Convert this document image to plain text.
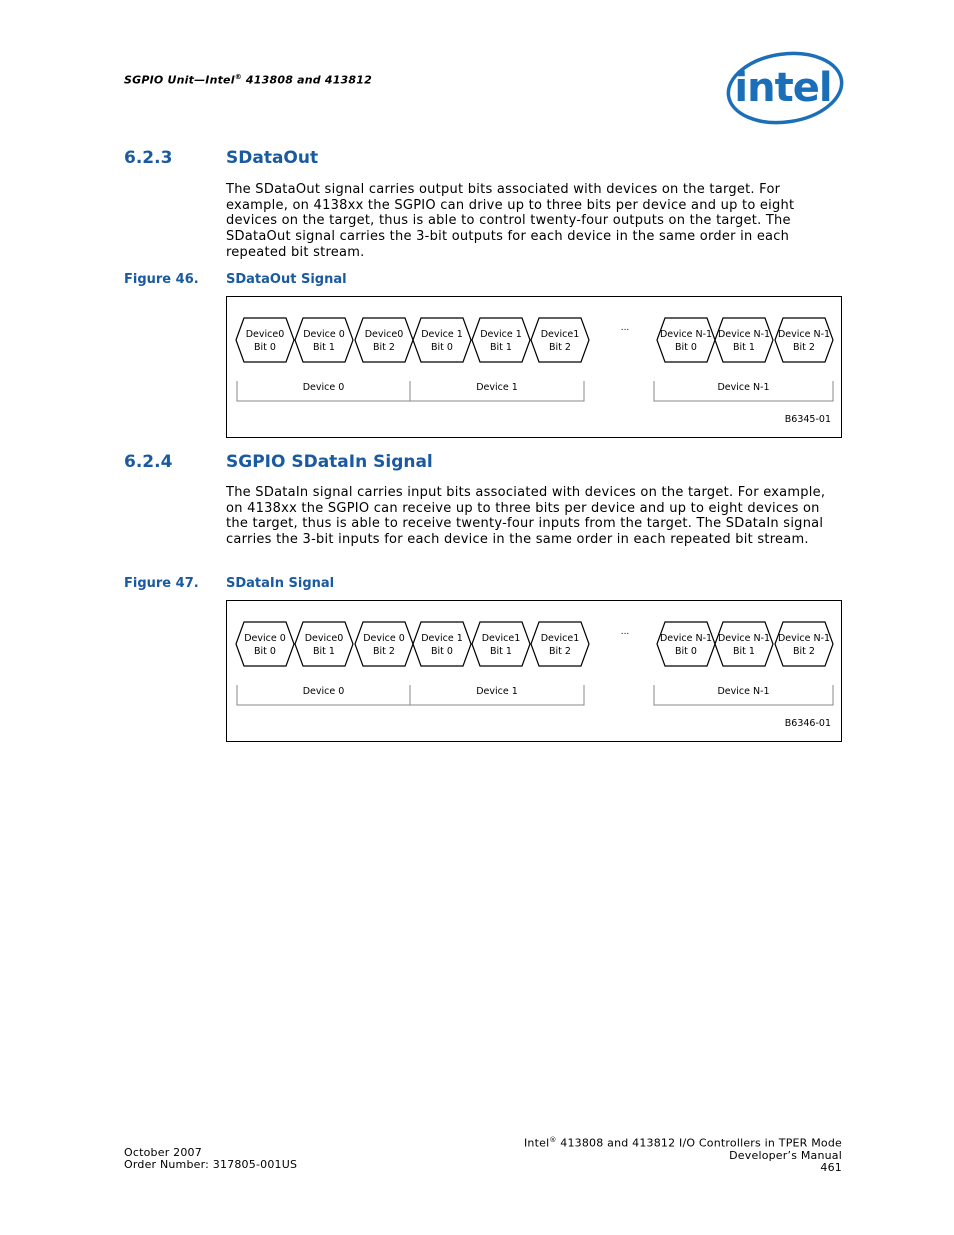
SGPIO Unit—Intel® 413808 and 413812	intel
6.2.3	SDataOut

The SDataOut signal carries output bits associated with devices on the target. For example, on 4138xx the SGPIO can drive up to three bits per device and up to eight devices on the target, thus is able to control twenty-four outputs on the target. The SDataOut signal carries the 3-bit outputs for each device in the same order in each repeated bit stream.

Figure 46. SDataOut Signal
Device0
Bit 0
Device 0
Bit 1
Device0
Bit 2
Device 1
Bit 0
Device 1
Bit 1
Device1
Bit 2
Device N-1
Bit 0
Device N-1
Bit 1
Device N-1
Bit 2
...
Device 0	Device 1	Device N-1
B6345-01
6.2.4	SGPIO SDataIn Signal

The SDataIn signal carries input bits associated with devices on the target. For example, on 4138xx the SGPIO can receive up to three bits per device and up to eight devices on the target, thus is able to receive twenty-four inputs from the target. The SDataIn signal carries the 3-bit inputs for each device in the same order in each repeated bit stream.

Figure 47. SDataIn Signal
Device 0
Bit 0
Device0
Bit 1
Device 0
Bit 2
Device 1
Bit 0
Device1
Bit 1
Device1
Bit 2
Device N-1
Bit 0
Device N-1
Bit 1
Device N-1
Bit 2
...
Device 0	Device 1	Device N-1
B6346-01
October 2007
Order Number: 317805-001US
Intel® 413808 and 413812 I/O Controllers in TPER Mode
Developer’s Manual
461
